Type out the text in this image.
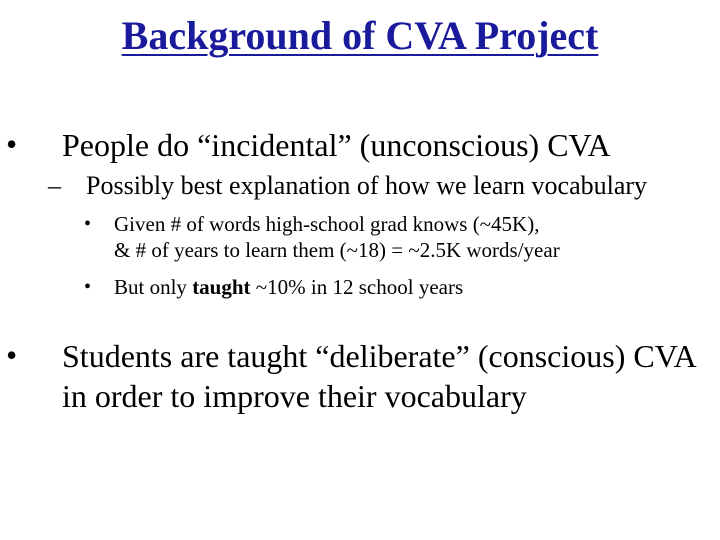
Background of CVA Project
•	People do “incidental” (unconscious) CVA
– Possibly best explanation of how we learn vocabulary
•	Given # of words high-school grad knows (~45K),
& # of years to learn them (~18) = ~2.5K words/year
•	But only taught ~10% in 12 school years
•	Students are taught “deliberate” (conscious) CVA
in order to improve their vocabulary
